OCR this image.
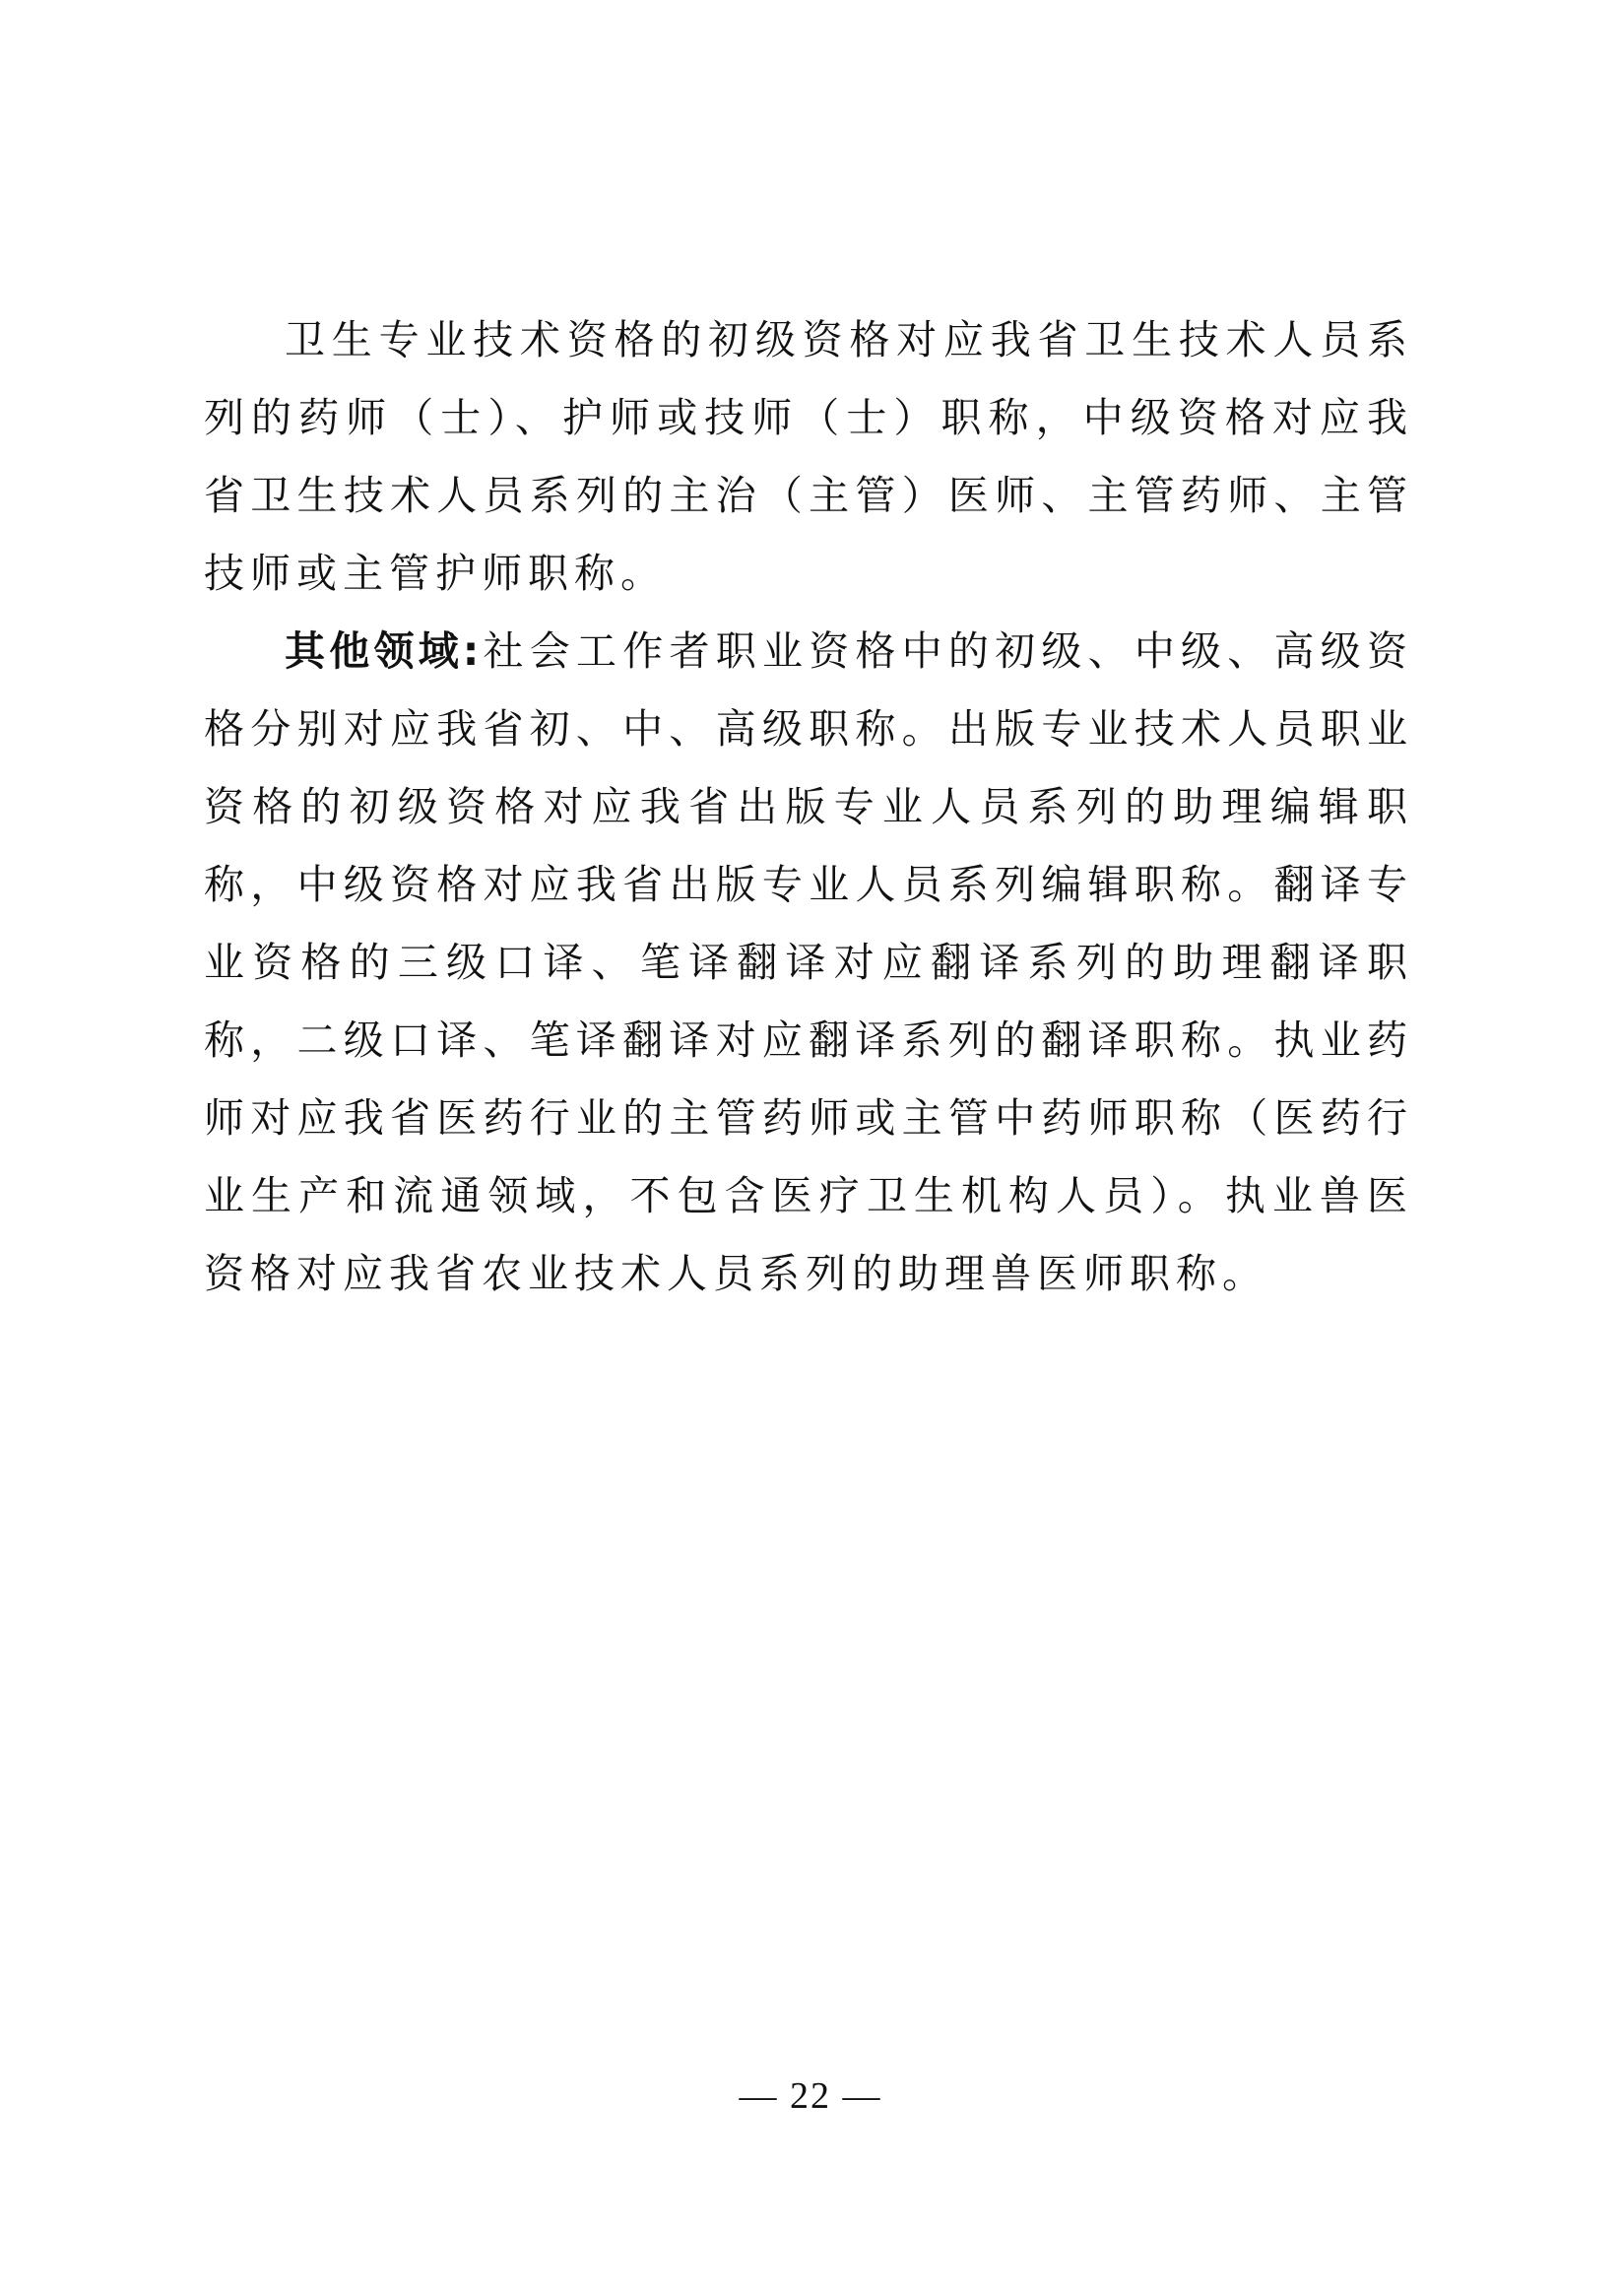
卫生专业技术资格的初级资格对应我省卫生技术人员系列的药师（士）、护师或技师（士）职称，中级资格对应我省卫生技术人员系列的主治（主管）医师、主管药师、主管技师或主管护师职称。

其他领域:社会工作者职业资格中的初级、中级、高级资格分别对应我省初、中、高级职称。出版专业技术人员职业资格的初级资格对应我省出版专业人员系列的助理编辑职称，中级资格对应我省出版专业人员系列编辑职称。翻译专业资格的三级口译、笔译翻译对应翻译系列的助理翻译职称，二级口译、笔译翻译对应翻译系列的翻译职称。执业药师对应我省医药行业的主管药师或主管中药师职称（医药行业生产和流通领域，不包含医疗卫生机构人员）。执业兽医资格对应我省农业技术人员系列的助理兽医师职称。

— 22 —
